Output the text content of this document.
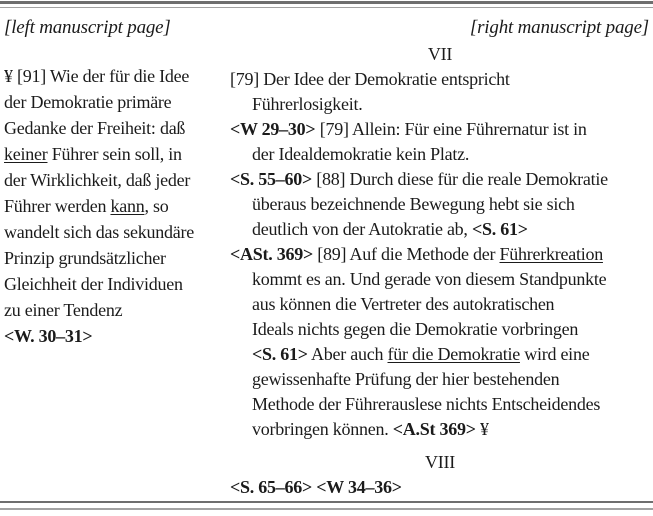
[left manuscript page]	[right manuscript page]
¥ [91] Wie der für die Idee
der Demokratie primäre
Gedanke der Freiheit: daß
keiner Führer sein soll, in
der Wirklichkeit, daß jeder
Führer werden kann, so
wandelt sich das sekundäre
Prinzip grundsätzlicher
Gleichheit der Individuen
zu einer Tendenz
<W. 30–31>
VII
[79] Der Idee der Demokratie entspricht
Führerlosigkeit.
<W 29–30> [79] Allein: Für eine Führernatur ist in
der Idealdemokratie kein Platz.
<S. 55–60> [88] Durch diese für die reale Demokratie
überaus bezeichnende Bewegung hebt sie sich
deutlich von der Autokratie ab, <S. 61>
<ASt. 369> [89] Auf die Methode der Führerkreation
kommt es an. Und gerade von diesem Standpunkte
aus können die Vertreter des autokratischen
Ideals nichts gegen die Demokratie vorbringen
<S. 61> Aber auch für die Demokratie wird eine
gewissenhafte Prüfung der hier bestehenden
Methode der Führerauslese nichts Entscheidendes
vorbringen können. <A.St 369> ¥
VIII
<S. 65–66> <W 34–36>
